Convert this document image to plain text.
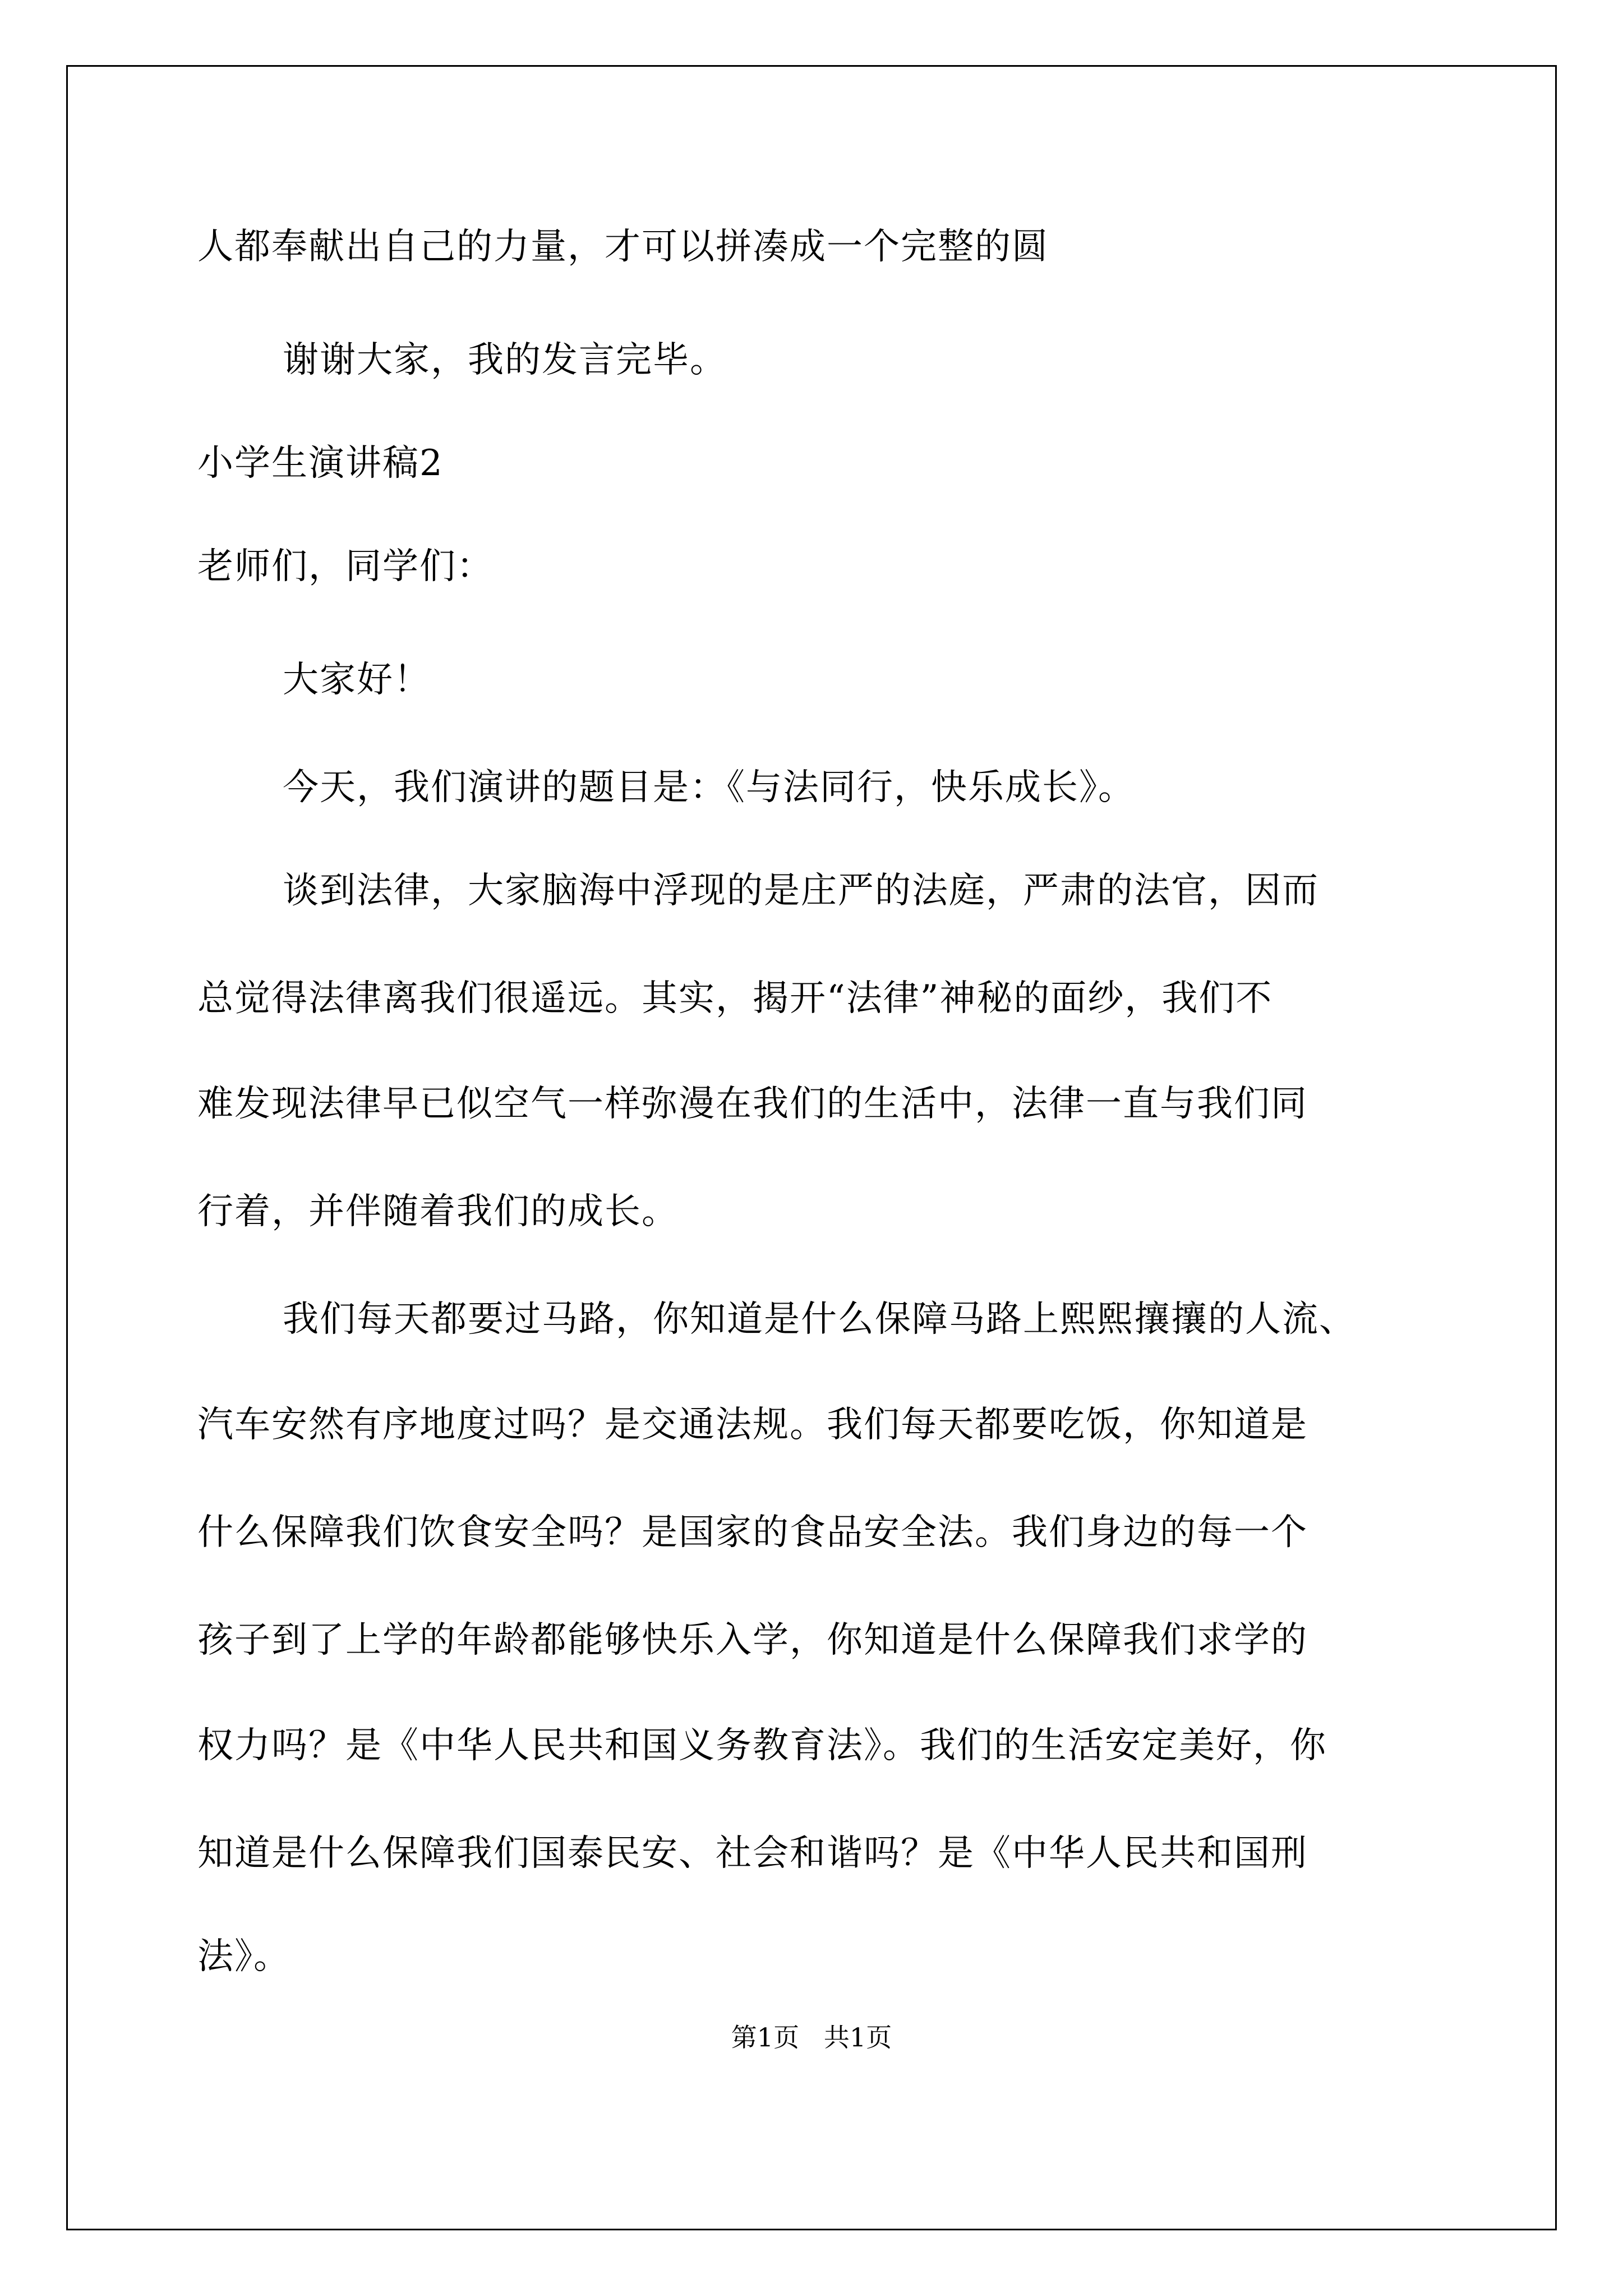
人都奉献出自己的力量，才可以拼凑成一个完整的圆
谢谢大家，我的发言完毕。
小学生演讲稿2
老师们，同学们：
大家好！
今天，我们演讲的题目是：《与法同行，快乐成长》。
谈到法律，大家脑海中浮现的是庄严的法庭，严肃的法官，因而
总觉得法律离我们很遥远。其实，揭开“法律”神秘的面纱，我们不
难发现法律早已似空气一样弥漫在我们的生活中，法律一直与我们同
行着，并伴随着我们的成长。
我们每天都要过马路，你知道是什么保障马路上熙熙攘攘的人流、
汽车安然有序地度过吗？是交通法规。我们每天都要吃饭，你知道是
什么保障我们饮食安全吗？是国家的食品安全法。我们身边的每一个
孩子到了上学的年龄都能够快乐入学，你知道是什么保障我们求学的
权力吗？是《中华人民共和国义务教育法》。我们的生活安定美好，你
知道是什么保障我们国泰民安、社会和谐吗？是《中华人民共和国刑
法》。
第1页   共1页
